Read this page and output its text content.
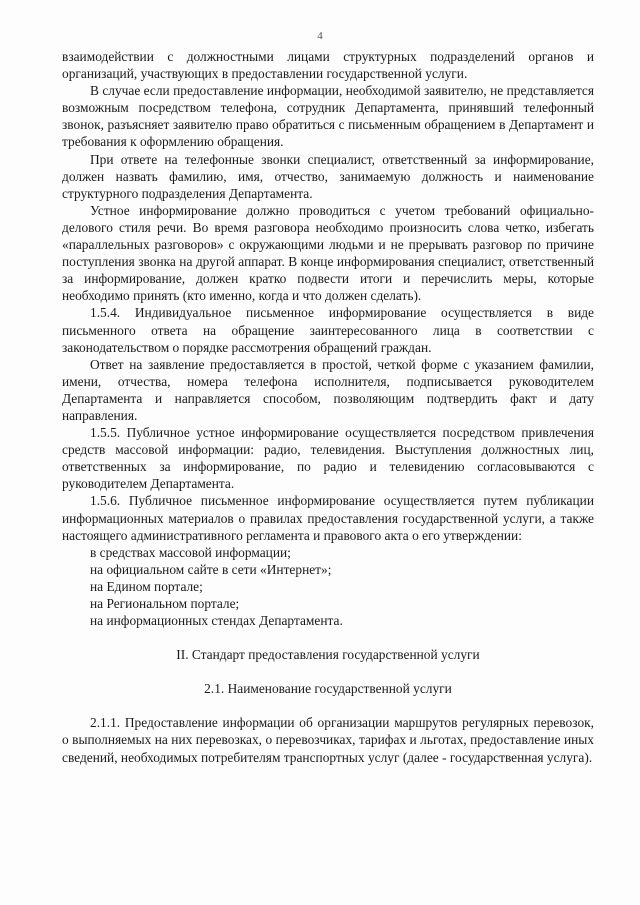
4

взаимодействии с должностными лицами структурных подразделений органов и организаций, участвующих в предоставлении государственной услуги.

В случае если предоставление информации, необходимой заявителю, не представляется возможным посредством телефона, сотрудник Департамента, принявший телефонный звонок, разъясняет заявителю право обратиться с письменным обращением в Департамент и требования к оформлению обращения.

При ответе на телефонные звонки специалист, ответственный за информирование, должен назвать фамилию, имя, отчество, занимаемую должность и наименование структурного подразделения Департамента.

Устное информирование должно проводиться с учетом требований официально-делового стиля речи. Во время разговора необходимо произносить слова четко, избегать «параллельных разговоров» с окружающими людьми и не прерывать разговор по причине поступления звонка на другой аппарат. В конце информирования специалист, ответственный за информирование, должен кратко подвести итоги и перечислить меры, которые необходимо принять (кто именно, когда и что должен сделать).

1.5.4. Индивидуальное письменное информирование осуществляется в виде письменного ответа на обращение заинтересованного лица в соответствии с законодательством о порядке рассмотрения обращений граждан.

Ответ на заявление предоставляется в простой, четкой форме с указанием фамилии, имени, отчества, номера телефона исполнителя, подписывается руководителем Департамента и направляется способом, позволяющим подтвердить факт и дату направления.

1.5.5. Публичное устное информирование осуществляется посредством привлечения средств массовой информации: радио, телевидения. Выступления должностных лиц, ответственных за информирование, по радио и телевидению согласовываются с руководителем Департамента.

1.5.6. Публичное письменное информирование осуществляется путем публикации информационных материалов о правилах предоставления государственной услуги, а также настоящего административного регламента и правового акта о его утверждении:

в средствах массовой информации;

на официальном сайте в сети «Интернет»;

на Едином портале;

на Региональном портале;

на информационных стендах Департамента.

II. Стандарт предоставления государственной услуги

2.1. Наименование государственной услуги

2.1.1. Предоставление информации об организации маршрутов регулярных перевозок, о выполняемых на них перевозках, о перевозчиках, тарифах и льготах, предоставление иных сведений, необходимых потребителям транспортных услуг (далее - государственная услуга).
